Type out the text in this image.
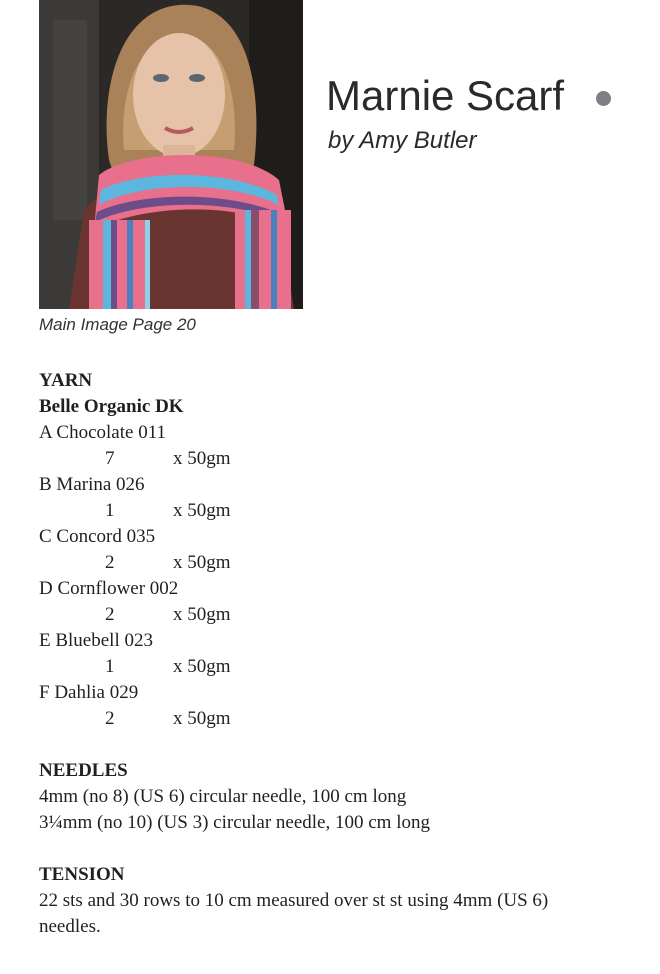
Main Image Page 20
Marnie Scarf
by Amy Butler
YARN
Belle Organic DK
A Chocolate 011
7	x 50gm
B Marina 026
1	x 50gm
C Concord 035
2	x 50gm
D Cornflower 002
2	x 50gm
E Bluebell 023
1	x 50gm
F Dahlia 029
2	x 50gm
NEEDLES
4mm (no 8) (US 6) circular needle, 100 cm long
3¼mm (no 10) (US 3) circular needle, 100 cm long
TENSION
22 sts and 30 rows to 10 cm measured over st st using 4mm (US 6)
needles.
